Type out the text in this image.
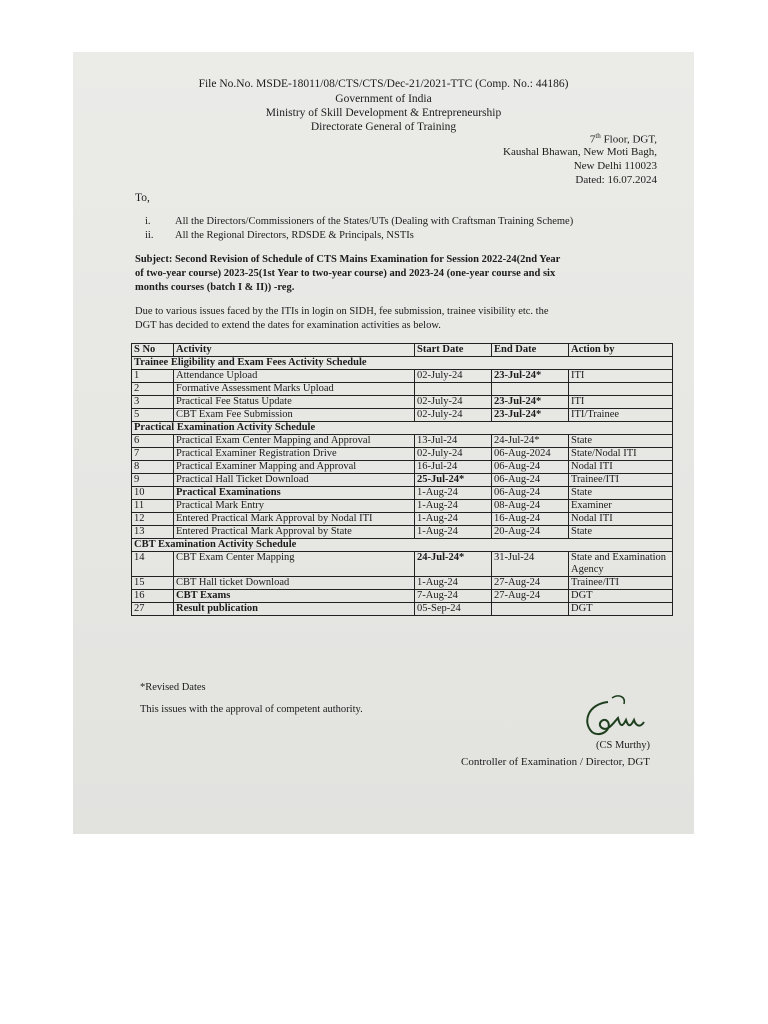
File No.No. MSDE-18011/08/CTS/CTS/Dec-21/2021-TTC (Comp. No.: 44186)
Government of India
Ministry of Skill Development & Entrepreneurship
Directorate General of Training
7th Floor, DGT,
Kaushal Bhawan, New Moti Bagh,
New Delhi 110023
Dated: 16.07.2024
To,
i. All the Directors/Commissioners of the States/UTs (Dealing with Craftsman Training Scheme)
ii. All the Regional Directors, RDSDE & Principals, NSTIs
Subject: Second Revision of Schedule of CTS Mains Examination for Session 2022-24(2nd Year
of two-year course) 2023-25(1st Year to two-year course) and 2023-24 (one-year course and six
months courses (batch I & II)) -reg.
Due to various issues faced by the ITIs in login on SIDH, fee submission, trainee visibility etc. the
DGT has decided to extend the dates for examination activities as below.
S No	Activity	Start Date	End Date	Action by
Trainee Eligibility and Exam Fees Activity Schedule				
1	Attendance Upload	02-July-24	23-Jul-24*	ITI
2	Formative Assessment Marks Upload			
3	Practical Fee Status Update	02-July-24	23-Jul-24*	ITI
5	CBT Exam Fee Submission	02-July-24	23-Jul-24*	ITI/Trainee
Practical Examination Activity Schedule				
6	Practical Exam Center Mapping and Approval	13-Jul-24	24-Jul-24*	State
7	Practical Examiner Registration Drive	02-July-24	06-Aug-2024	State/Nodal ITI
8	Practical Examiner Mapping and Approval	16-Jul-24	06-Aug-24	Nodal ITI
9	Practical Hall Ticket Download	25-Jul-24*	06-Aug-24	Trainee/ITI
10	Practical Examinations	1-Aug-24	06-Aug-24	State
11	Practical Mark Entry	1-Aug-24	08-Aug-24	Examiner
12	Entered Practical Mark Approval by Nodal ITI	1-Aug-24	16-Aug-24	Nodal ITI
13	Entered Practical Mark Approval by State	1-Aug-24	20-Aug-24	State
CBT Examination Activity Schedule				
14	CBT Exam Center Mapping	24-Jul-24*	31-Jul-24	State and Examination Agency
15	CBT Hall ticket Download	1-Aug-24	27-Aug-24	Trainee/ITI
16	CBT Exams	7-Aug-24	27-Aug-24	DGT
27	Result publication	05-Sep-24		DGT
*Revised Dates
This issues with the approval of competent authority.
(CS Murthy)
Controller of Examination / Director, DGT
